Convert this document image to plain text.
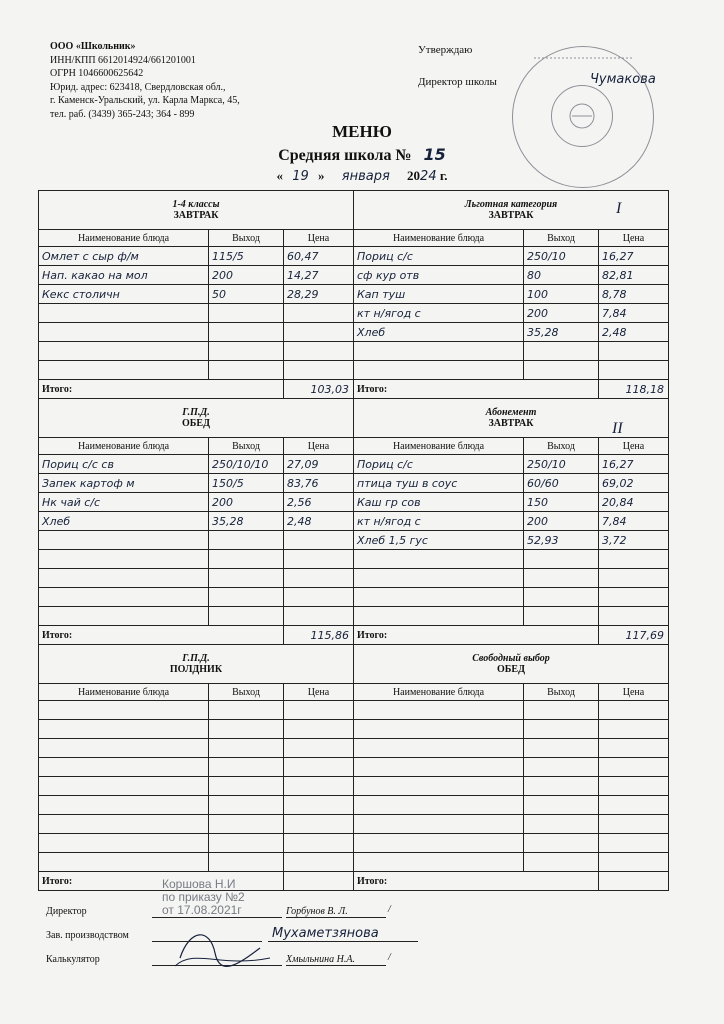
ООО «Школьник»
ИНН/КПП 6612014924/661201001
ОГРН 1046600625642
Юрид. адрес: 623418, Свердловская обл.,
г. Каменск-Уральский, ул. Карла Маркса, 45,
тел. раб. (3439) 365-243; 364 - 899
Утверждаю
Директор школы	Чумакова
МЕНЮ
Средняя школа № 15
« 19 » января 2024 г.
1-4 классы
ЗАВТРАК			Льготная категория
ЗАВТРАК		

Наименование блюда	Выход	Цена	Наименование блюда	Выход	Цена
Омлет с сыр ф/м	115/5	60,47	Пориц с/с	250/10	16,27
Нап. какао на мол	200	14,27	сф кур отв	80	82,81
Кекс столичн	50	28,29	Кап туш	100	8,78
			кт н/ягод с	200	7,84
			Хлеб	35,28	2,48

Итого:		103,03	Итого:		118,18

Г.П.Д.
ОБЕД			Абонемент
ЗАВТРАК		

Наименование блюда	Выход	Цена	Наименование блюда	Выход	Цена
Пориц с/с св	250/10/10	27,09	Пориц с/с	250/10	16,27
Запек картоф м	150/5	83,76	птица туш в соус	60/60	69,02
Нк чай с/с	200	2,56	Каш гр сов	150	20,84
Хлеб	35,28	2,48	кт н/ягод с	200	7,84
			Хлеб 1,5 гус	52,93	3,72

Итого:		115,86	Итого:		117,69

Г.П.Д.
ПОЛДНИК			Свободный выбор
ОБЕД		

Наименование блюда	Выход	Цена	Наименование блюда	Выход	Цена

Итого:			Итого:		
I
II
Коршова Н.И
по приказу №2
от 17.08.2021г
Директор	Горбунов В. Л.	/
Зав. производством	Мухаметзянова
Калькулятор	Хмыльнина Н.А.	/
